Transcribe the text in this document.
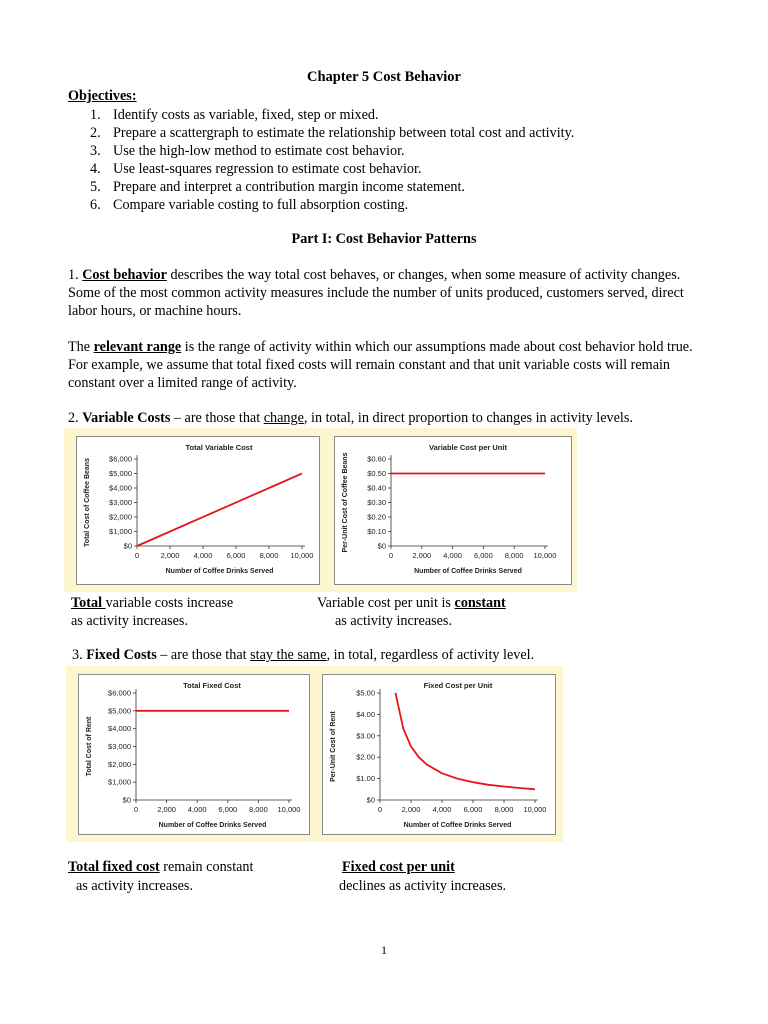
Chapter 5 Cost Behavior
Objectives:
1. Identify costs as variable, fixed, step or mixed.
2. Prepare a scattergraph to estimate the relationship between total cost and activity.
3. Use the high-low method to estimate cost behavior.
4. Use least-squares regression to estimate cost behavior.
5. Prepare and interpret a contribution margin income statement.
6. Compare variable costing to full absorption costing.
Part I: Cost Behavior Patterns

1. Cost behavior describes the way total cost behaves, or changes, when some measure of activity changes. Some of the most common activity measures include the number of units produced, customers served, direct labor hours, or machine hours.

The relevant range is the range of activity within which our assumptions made about cost behavior hold true. For example, we assume that total fixed costs will remain constant and that unit variable costs will remain constant over a limited range of activity.

2. Variable Costs – are those that change, in total, in direct proportion to changes in activity levels.
Total Variable Cost
$0
$1,000
$2,000
$3,000
$4,000
$5,000
$6,000
0	2,000 4,000 6,000 8,000 10,000
Number of Coffee Drinks Served
Total Cost of Coffee Beans
Variable Cost per Unit
$0
$0.10
$0.20
$0.30
$0.40
$0.50
$0.60
0	2,000 4,000 6,000 8,000 10,000
Number of Coffee Drinks Served
Per-Unit Cost of Coffee Beans
Total variable costs increase
as activity increases.
Variable cost per unit is constant
as activity increases.
3. Fixed Costs – are those that stay the same, in total, regardless of activity level.
Total Fixed Cost
$0
$1,000
$2,000
$3,000
$4,000
$5,000
$6,000
0	2,000 4,000 6,000 8,000 10,000
Number of Coffee Drinks Served
Total Cost of Rent
Fixed Cost per Unit
$0
$1.00
$2.00
$3.00
$4.00
$5.00
0	2,000 4,000 6,000 8,000 10,000
Number of Coffee Drinks Served
Per-Unit Cost of Rent
Total fixed cost remain constant
as activity increases.
Fixed cost per unit
declines as activity increases.
1
